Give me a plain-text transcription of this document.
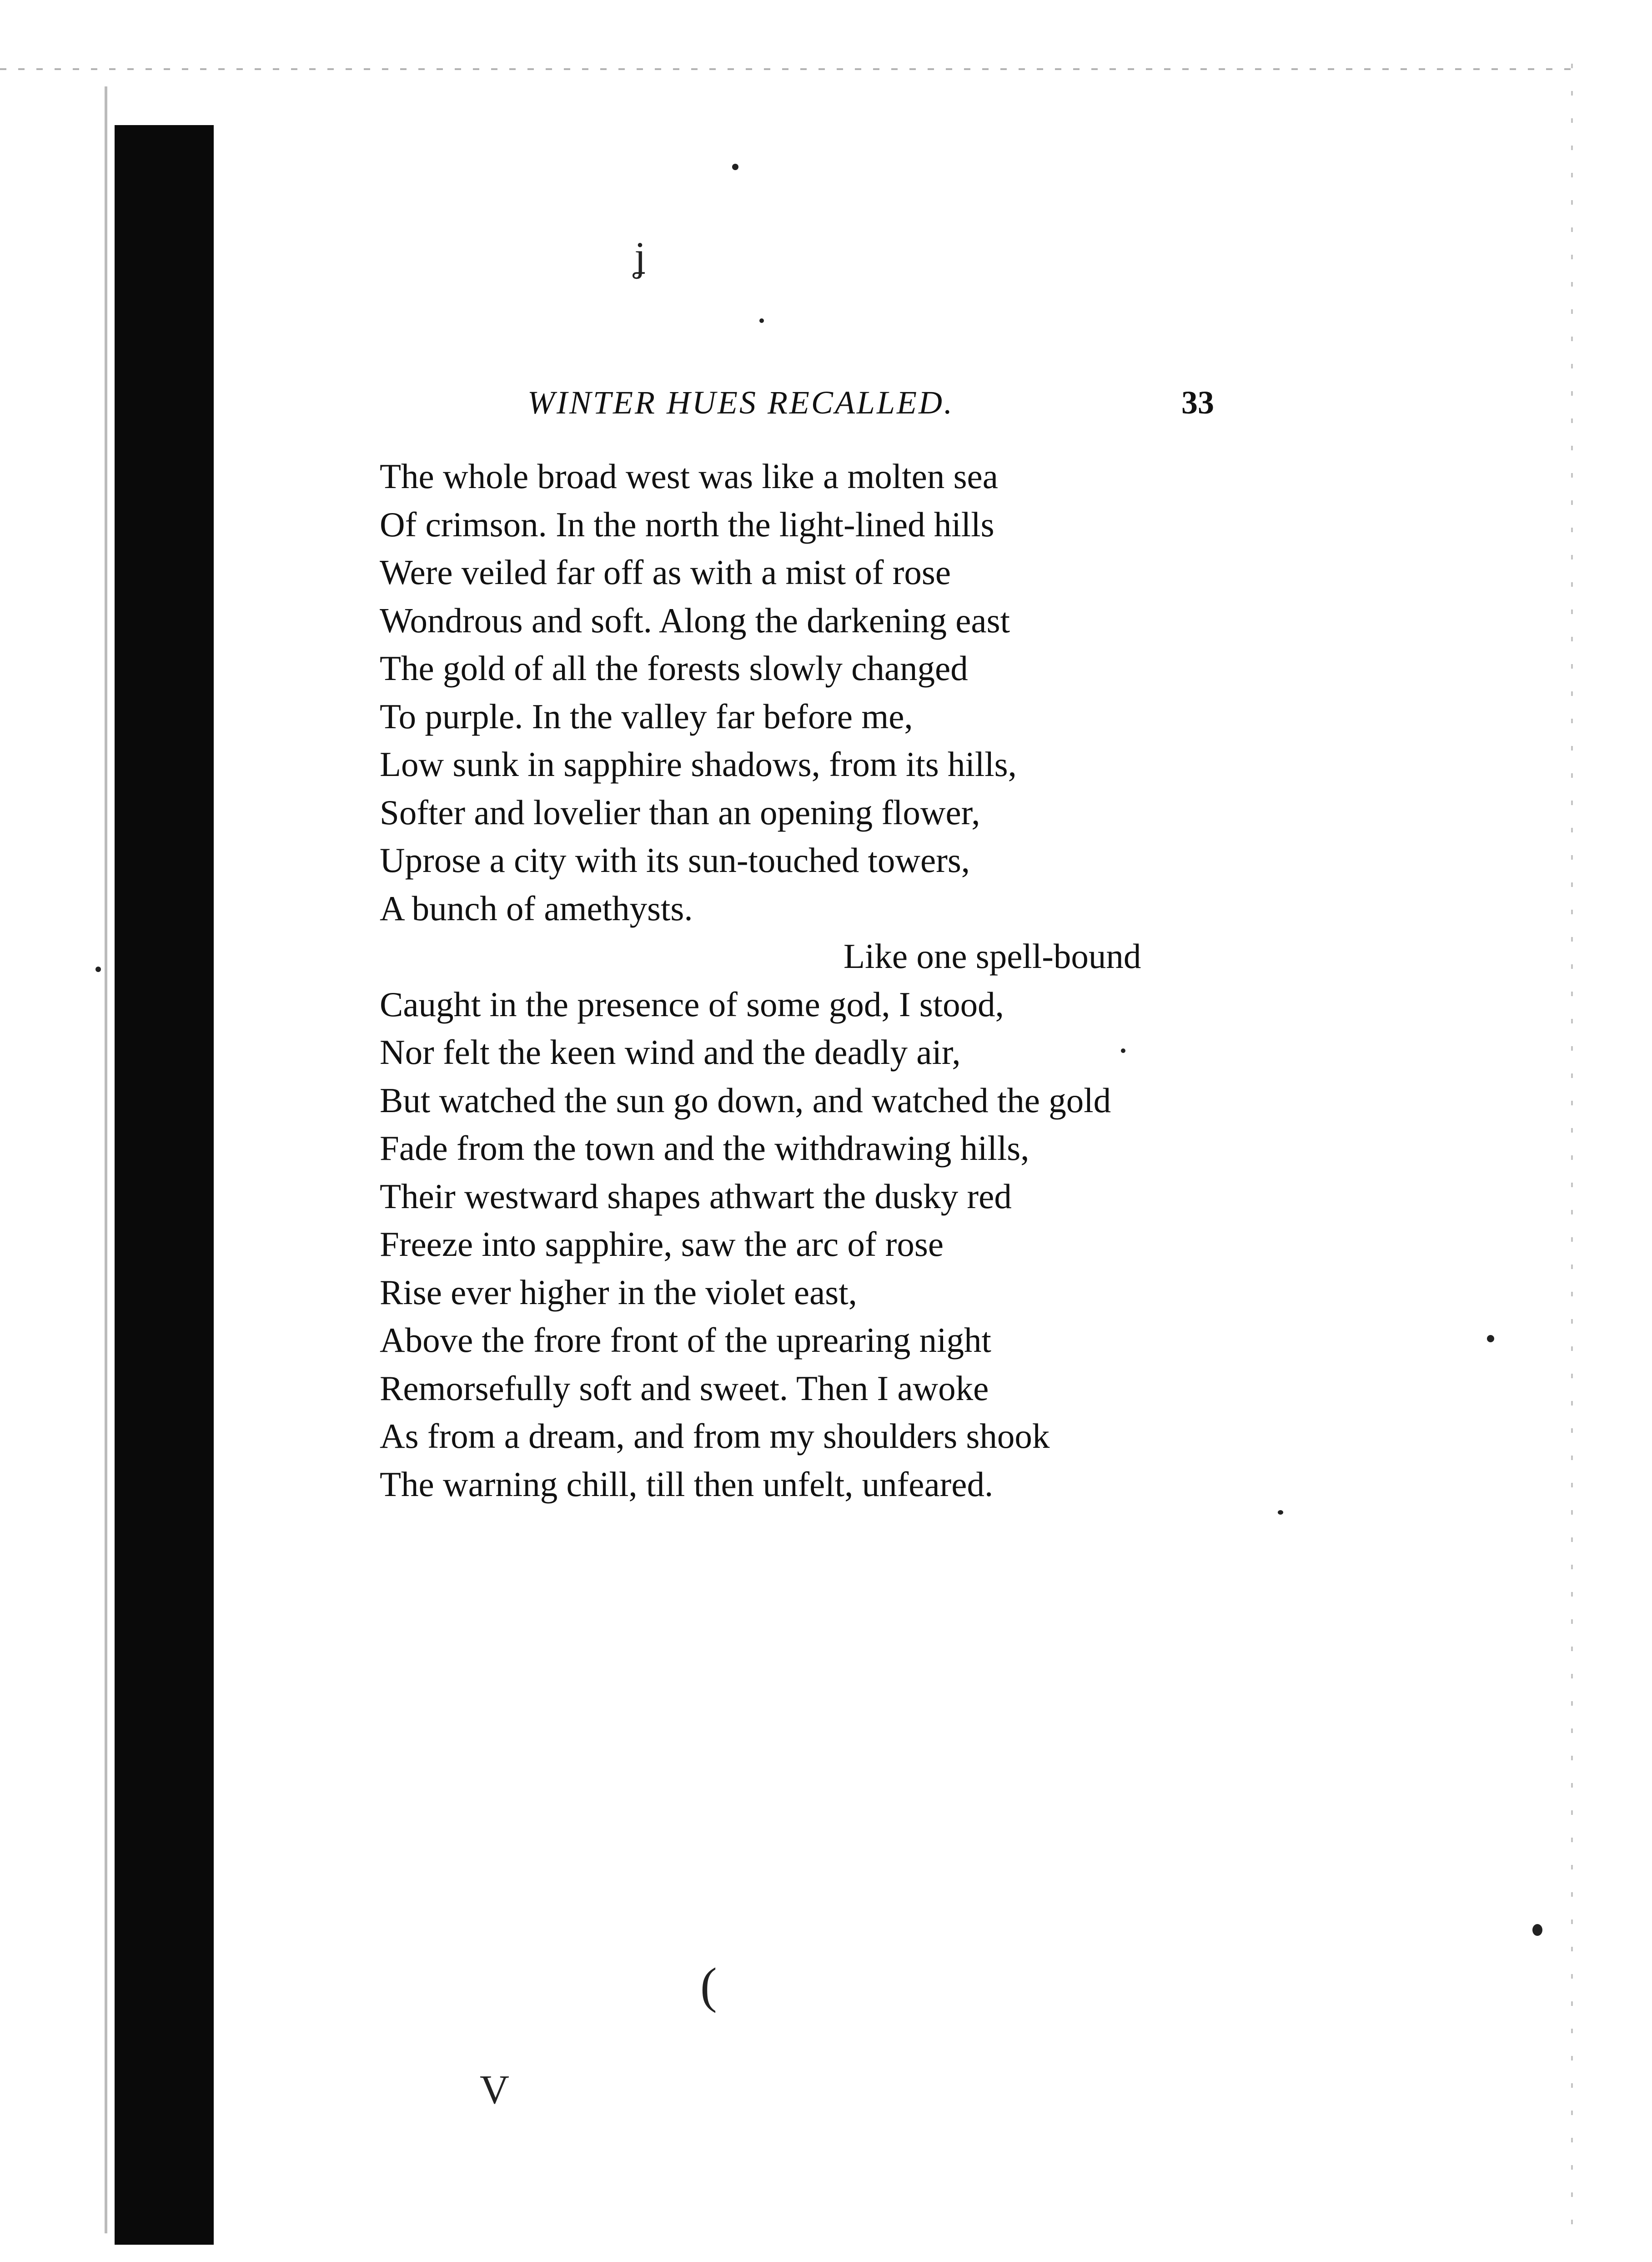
ʝ
(
V
WINTER HUES RECALLED.	33
The whole broad west was like a molten sea
Of crimson. In the north the light-lined hills
Were veiled far off as with a mist of rose
Wondrous and soft. Along the darkening east
The gold of all the forests slowly changed
To purple. In the valley far before me,
Low sunk in sapphire shadows, from its hills,
Softer and lovelier than an opening flower,
Uprose a city with its sun-touched towers,
A bunch of amethysts.
Like one spell-bound
Caught in the presence of some god, I stood,
Nor felt the keen wind and the deadly air,
But watched the sun go down, and watched the gold
Fade from the town and the withdrawing hills,
Their westward shapes athwart the dusky red
Freeze into sapphire, saw the arc of rose
Rise ever higher in the violet east,
Above the frore front of the uprearing night
Remorsefully soft and sweet. Then I awoke
As from a dream, and from my shoulders shook
The warning chill, till then unfelt, unfeared.
